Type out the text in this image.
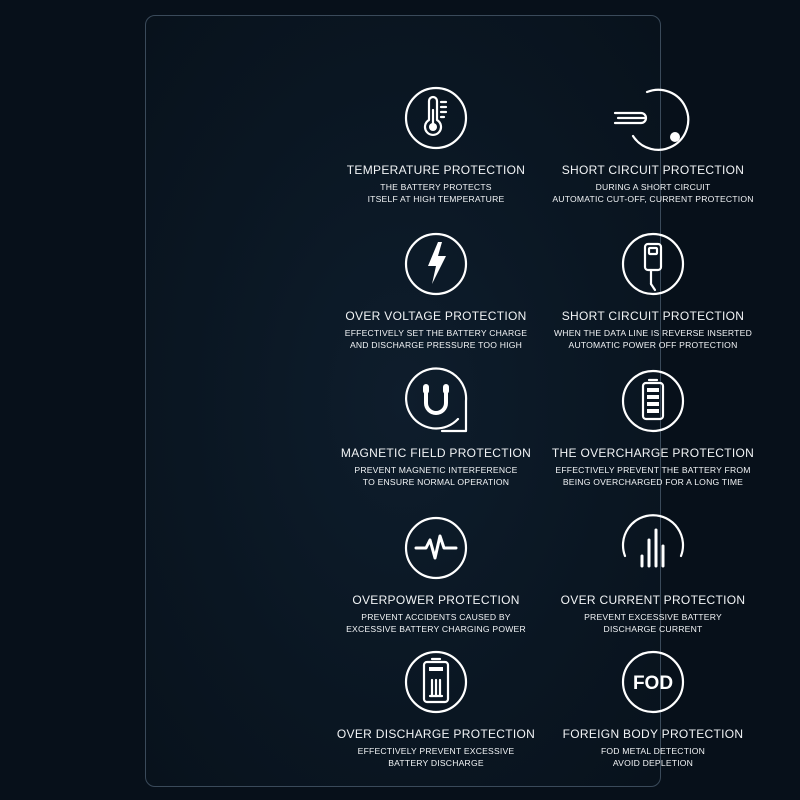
TEMPERATURE PROTECTION
THE BATTERY PROTECTS
ITSELF AT HIGH TEMPERATURE
SHORT CIRCUIT PROTECTION
DURING A SHORT CIRCUIT
AUTOMATIC CUT-OFF, CURRENT PROTECTION
OVER VOLTAGE PROTECTION
EFFECTIVELY SET THE BATTERY CHARGE
AND DISCHARGE PRESSURE TOO HIGH
SHORT CIRCUIT PROTECTION
WHEN THE DATA LINE IS REVERSE INSERTED
AUTOMATIC POWER OFF PROTECTION
MAGNETIC FIELD PROTECTION
PREVENT MAGNETIC INTERFERENCE
TO ENSURE NORMAL OPERATION
THE OVERCHARGE PROTECTION
EFFECTIVELY PREVENT THE BATTERY FROM
BEING OVERCHARGED FOR A LONG TIME
OVERPOWER PROTECTION
PREVENT ACCIDENTS CAUSED BY
EXCESSIVE BATTERY CHARGING POWER
OVER CURRENT PROTECTION
PREVENT EXCESSIVE BATTERY
DISCHARGE CURRENT
OVER DISCHARGE PROTECTION
EFFECTIVELY PREVENT EXCESSIVE
BATTERY DISCHARGE
FOD
FOREIGN BODY PROTECTION
FOD METAL DETECTION
AVOID DEPLETION
